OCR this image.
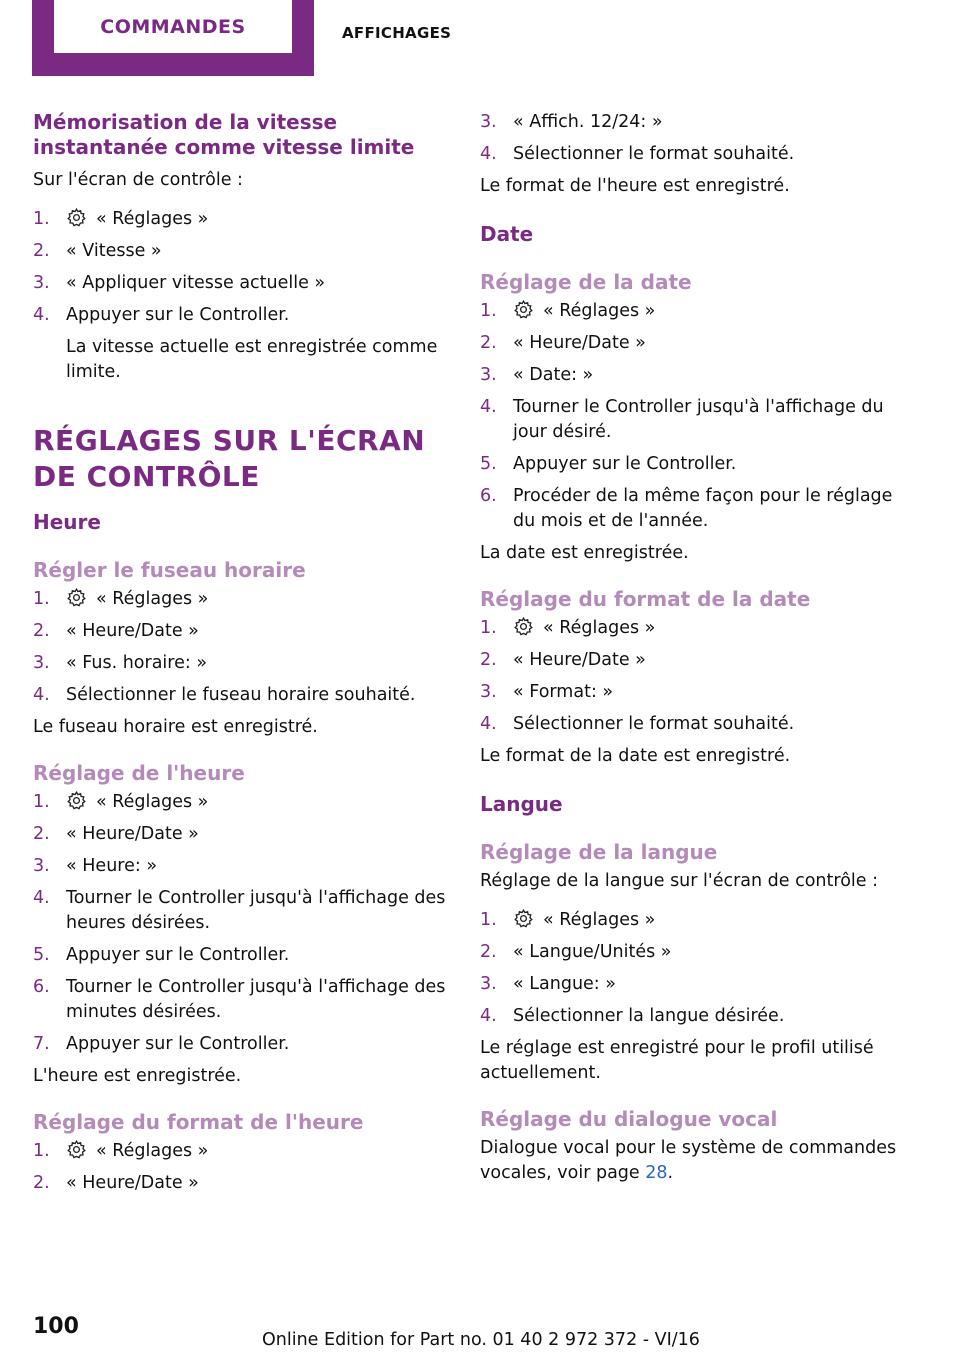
COMMANDES	AFFICHAGES
Mémorisation de la vitesse instantanée comme vitesse limite
Sur l'écran de contrôle :
1.	« Réglages »
2. « Vitesse »
3. « Appliquer vitesse actuelle »
4. Appuyer sur le Controller.
La vitesse actuelle est enregistrée comme limite.
RÉGLAGES SUR L'ÉCRAN DE CONTRÔLE
Heure
Régler le fuseau horaire
1.	« Réglages »
2. « Heure/Date »
3. « Fus. horaire: »
4. Sélectionner le fuseau horaire souhaité.
Le fuseau horaire est enregistré.
Réglage de l'heure
1.	« Réglages »
2. « Heure/Date »
3. « Heure: »
4. Tourner le Controller jusqu'à l'affichage des heures désirées.
5. Appuyer sur le Controller.
6. Tourner le Controller jusqu'à l'affichage des minutes désirées.
7. Appuyer sur le Controller.
L'heure est enregistrée.
Réglage du format de l'heure
1.	« Réglages »
2. « Heure/Date »
3. « Affich. 12/24: »
4. Sélectionner le format souhaité.
Le format de l'heure est enregistré.
Date
Réglage de la date
1.	« Réglages »
2. « Heure/Date »
3. « Date: »
4. Tourner le Controller jusqu'à l'affichage du jour désiré.
5. Appuyer sur le Controller.
6. Procéder de la même façon pour le réglage du mois et de l'année.
La date est enregistrée.
Réglage du format de la date
1.	« Réglages »
2. « Heure/Date »
3. « Format: »
4. Sélectionner le format souhaité.
Le format de la date est enregistré.
Langue
Réglage de la langue
Réglage de la langue sur l'écran de contrôle :
1.	« Réglages »
2. « Langue/Unités »
3. « Langue: »
4. Sélectionner la langue désirée.
Le réglage est enregistré pour le profil utilisé actuellement.
Réglage du dialogue vocal
Dialogue vocal pour le système de commandes vocales, voir page 28.
100
Online Edition for Part no. 01 40 2 972 372 - VI/16
